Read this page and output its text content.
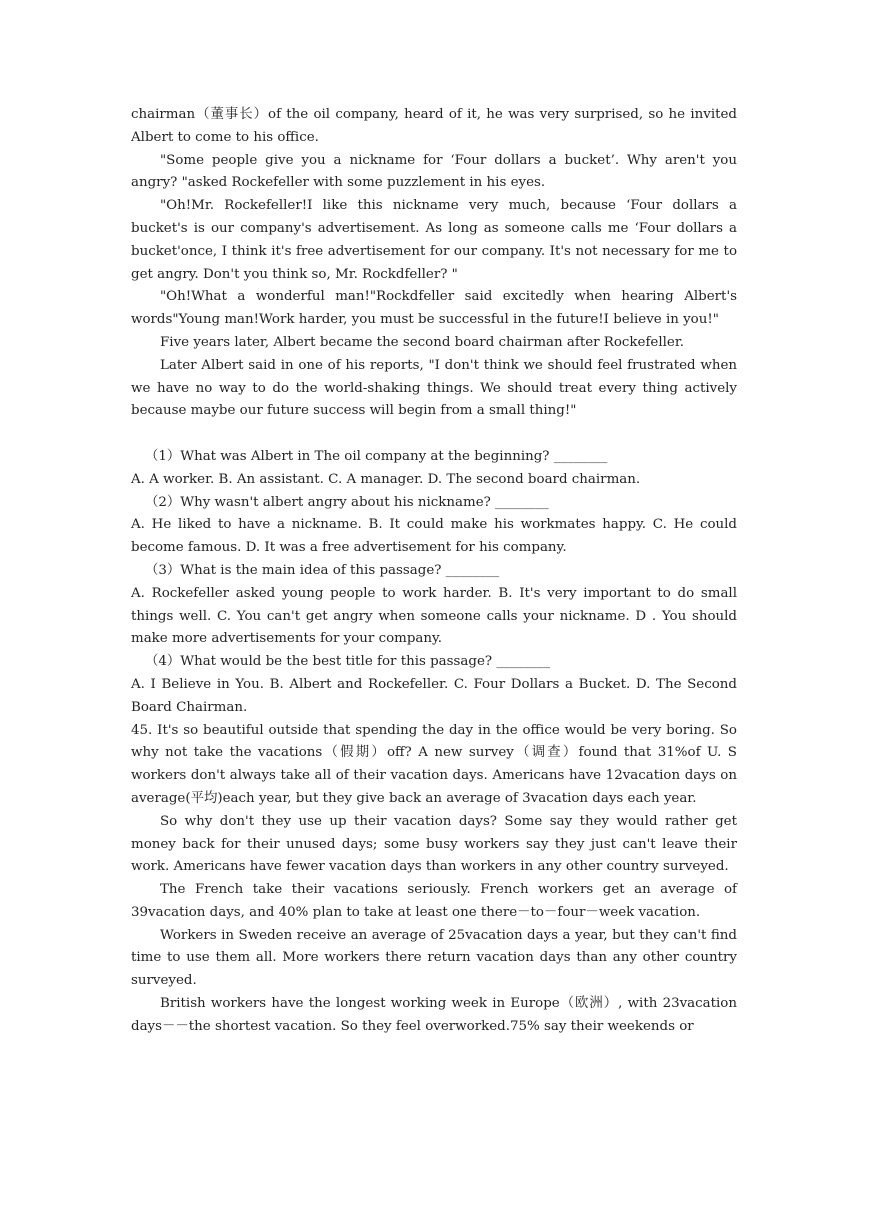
chairman（董事长）of the oil company, heard of it, he was very surprised, so he invited Albert to come to his office.

"Some people give you a nickname for ‘Four dollars a bucket’. Why aren't you angry? "asked Rockefeller with some puzzlement in his eyes.

"Oh!Mr. Rockefeller!I like this nickname very much, because ‘Four dollars a bucket's is our company's advertisement. As long as someone calls me ‘Four dollars a bucket'once, I think it's free advertisement for our company. It's not necessary for me to get angry. Don't you think so, Mr. Rockdfeller? "

"Oh!What a wonderful man!"Rockdfeller said excitedly when hearing Albert's words"Young man!Work harder, you must be successful in the future!I believe in you!"

Five years later, Albert became the second board chairman after Rockefeller.

Later Albert said in one of his reports, "I don't think we should feel frustrated when we have no way to do the world-shaking things. We should treat every thing actively because maybe our future success will begin from a small thing!"

（1）What was Albert in The oil company at the beginning? ________

A. A worker. B. An assistant. C. A manager. D. The second board chairman.

（2）Why wasn't albert angry about his nickname? ________

A. He liked to have a nickname. B. It could make his workmates happy. C. He could become famous. D. It was a free advertisement for his company.

（3）What is the main idea of this passage? ________

A. Rockefeller asked young people to work harder. B. It's very important to do small things well. C. You can't get angry when someone calls your nickname. D . You should make more advertisements for your company.

（4）What would be the best title for this passage? ________

A. I Believe in You. B. Albert and Rockefeller. C. Four Dollars a Bucket. D. The Second Board Chairman.

45. It's so beautiful outside that spending the day in the office would be very boring. So why not take the vacations（假期）off? A new survey（调查）found that 31%of U. S workers don't always take all of their vacation days. Americans have 12vacation days on average(平均)each year, but they give back an average of 3vacation days each year.

So why don't they use up their vacation days? Some say they would rather get money back for their unused days; some busy workers say they just can't leave their work. Americans have fewer vacation days than workers in any other country surveyed.

The French take their vacations seriously. French workers get an average of 39vacation days, and 40% plan to take at least one there－to－four－week vacation.

Workers in Sweden receive an average of 25vacation days a year, but they can't find time to use them all. More workers there return vacation days than any other country surveyed.

British workers have the longest working week in Europe（欧洲）, with 23vacation days－－the shortest vacation. So they feel overworked.75% say their weekends or
